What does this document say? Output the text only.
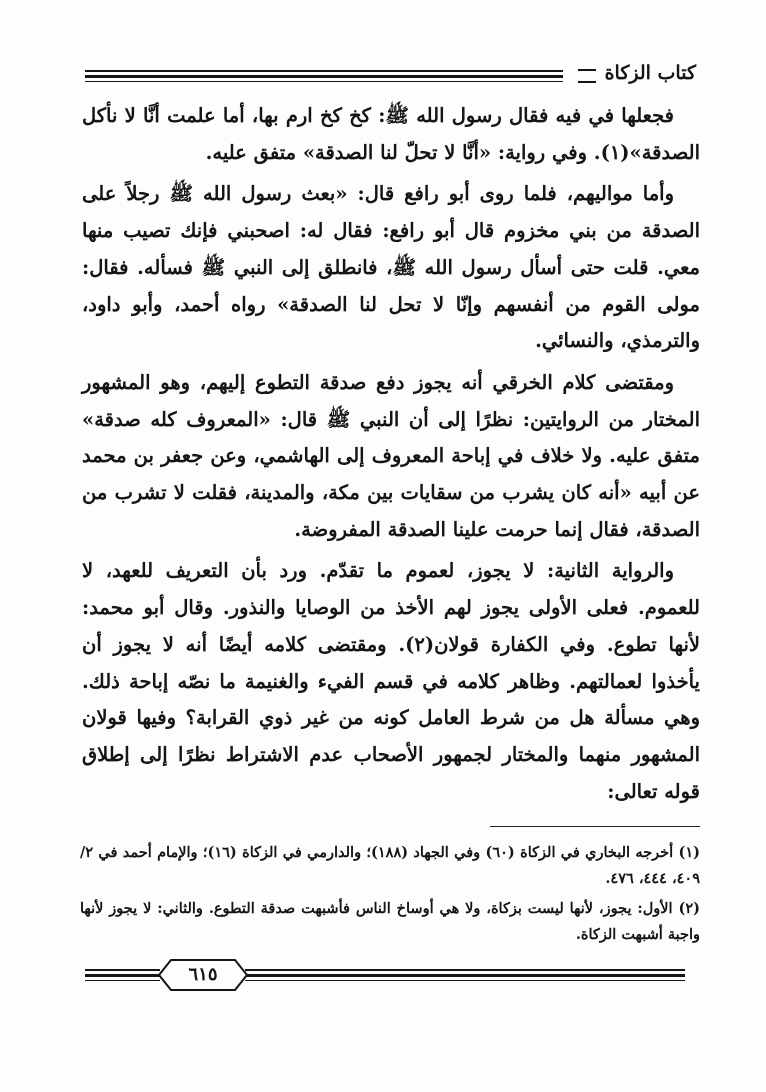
كتاب الزكاة

فجعلها في فيه فقال رسول الله ﷺ: كخ كخ ارم بها، أما علمت أنَّا لا نأكل الصدقة»(١). وفي رواية: «أنَّا لا تحلّ لنا الصدقة» متفق عليه.

وأما مواليهم، فلما روى أبو رافع قال: «بعث رسول الله ﷺ رجلاً على الصدقة من بني مخزوم قال أبو رافع: فقال له: اصحبني فإنك تصيب منها معي. قلت حتى أسأل رسول الله ﷺ، فانطلق إلى النبي ﷺ فسأله. فقال: مولى القوم من أنفسهم وإنّا لا تحل لنا الصدقة» رواه أحمد، وأبو داود، والترمذي، والنسائي.

ومقتضى كلام الخرقي أنه يجوز دفع صدقة التطوع إليهم، وهو المشهور المختار من الروايتين: نظرًا إلى أن النبي ﷺ قال: «المعروف كله صدقة» متفق عليه. ولا خلاف في إباحة المعروف إلى الهاشمي، وعن جعفر بن محمد عن أبيه «أنه كان يشرب من سقايات بين مكة، والمدينة، فقلت لا تشرب من الصدقة، فقال إنما حرمت علينا الصدقة المفروضة.

والرواية الثانية: لا يجوز، لعموم ما تقدّم. ورد بأن التعريف للعهد، لا للعموم. فعلى الأولى يجوز لهم الأخذ من الوصايا والنذور. وقال أبو محمد: لأنها تطوع. وفي الكفارة قولان(٢). ومقتضى كلامه أيضًا أنه لا يجوز أن يأخذوا لعمالتهم. وظاهر كلامه في قسم الفيء والغنيمة ما نصّه إباحة ذلك. وهي مسألة هل من شرط العامل كونه من غير ذوي القرابة؟ وفيها قولان المشهور منهما والمختار لجمهور الأصحاب عدم الاشتراط نظرًا إلى إطلاق قوله تعالى:

(١) أخرجه البخاري في الزكاة (٦٠) وفي الجهاد (١٨٨)؛ والدارمي في الزكاة (١٦)؛ والإمام أحمد في ٢/ ٤٠٩، ٤٤٤، ٤٧٦.

(٢) الأول: يجوز، لأنها ليست بزكاة، ولا هي أوساخ الناس فأشبهت صدقة التطوع. والثاني: لا يجوز لأنها واجبة أشبهت الزكاة.

٦١٥
